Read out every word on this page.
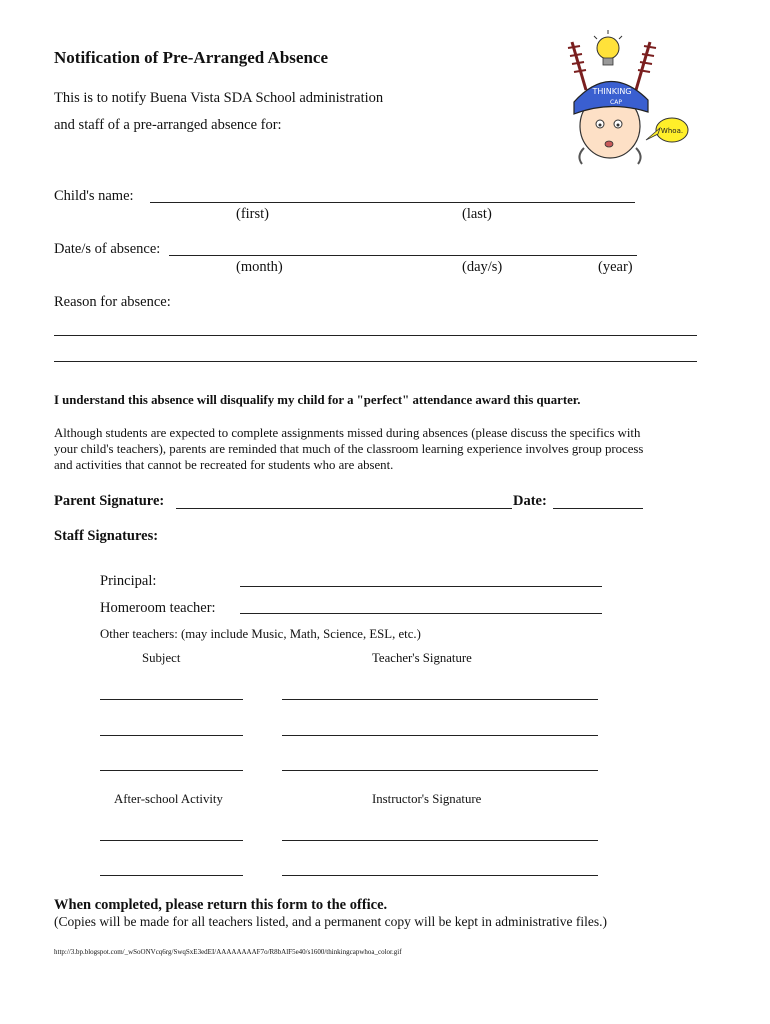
Notification of Pre-Arranged Absence
This is to notify Buena Vista SDA School administration
and staff of a pre-arranged absence for:
THINKING
CAP
Whoa.
Child's name:
(first)	(last)
Date/s of absence:
(month)	(day/s)	(year)
Reason for absence:
I understand this absence will disqualify my child for a "perfect" attendance award this quarter.
Although students are expected to complete assignments missed during absences (please discuss the specifics with
your child's teachers), parents are reminded that much of the classroom learning experience involves group process
and activities that cannot be recreated for students who are absent.
Parent Signature:	Date:
Staff Signatures:
Principal:
Homeroom teacher:
Other teachers: (may include Music, Math, Science, ESL, etc.)
Subject	Teacher's Signature
After-school Activity	Instructor's Signature
When completed, please return this form to the office.
(Copies will be made for all teachers listed, and a permanent copy will be kept in administrative files.)
http://3.bp.blogspot.com/_wSoONVcq6rg/SwqSxE3edEI/AAAAAAAAF7o/R8bAlF5e40/s1600/thinkingcapwhoa_color.gif
